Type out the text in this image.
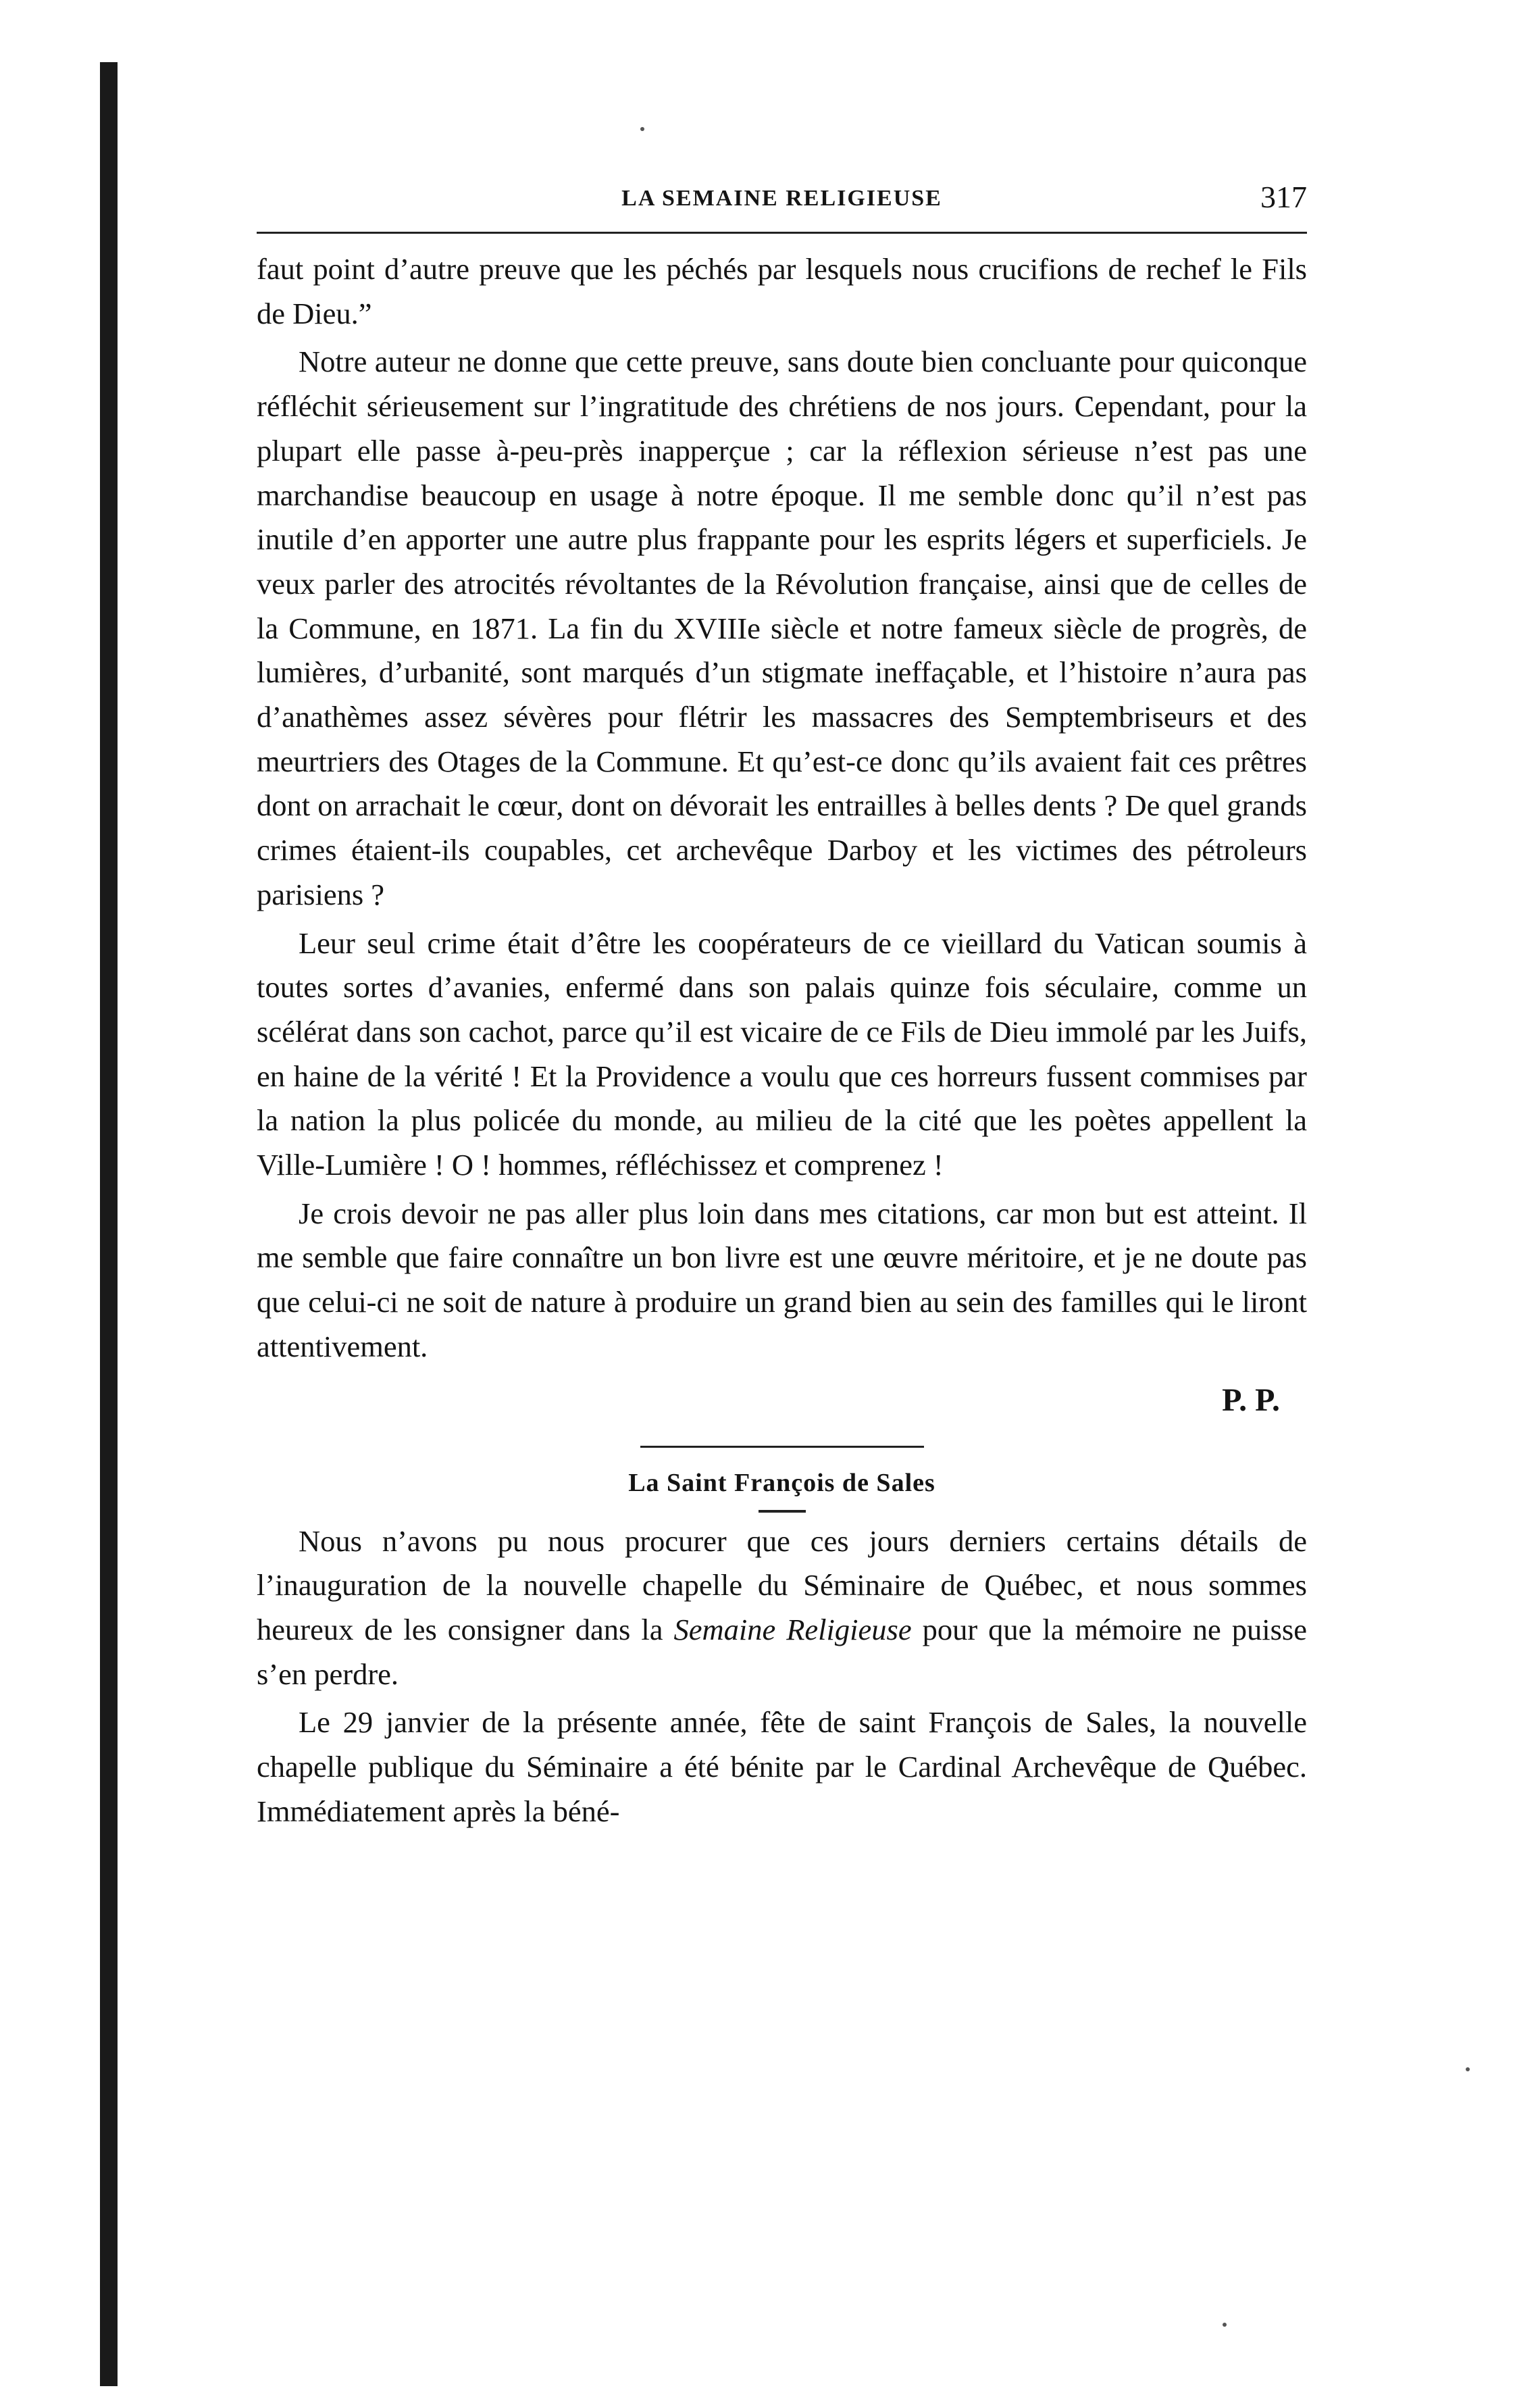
LA SEMAINE RELIGIEUSE	317

faut point d’autre preuve que les péchés par lesquels nous crucifions de rechef le Fils de Dieu.”

Notre auteur ne donne que cette preuve, sans doute bien concluante pour quiconque réfléchit sérieusement sur l’ingratitude des chrétiens de nos jours. Cependant, pour la plupart elle passe à-peu-près inapperçue ; car la réflexion sérieuse n’est pas une marchandise beaucoup en usage à notre époque. Il me semble donc qu’il n’est pas inutile d’en apporter une autre plus frappante pour les esprits légers et superficiels. Je veux parler des atrocités révoltantes de la Révolution française, ainsi que de celles de la Commune, en 1871. La fin du XVIIIe siècle et notre fameux siècle de progrès, de lumières, d’urbanité, sont marqués d’un stigmate ineffaçable, et l’histoire n’aura pas d’anathèmes assez sévères pour flétrir les massacres des Semptembriseurs et des meurtriers des Otages de la Commune. Et qu’est-ce donc qu’ils avaient fait ces prêtres dont on arrachait le cœur, dont on dévorait les entrailles à belles dents ? De quel grands crimes étaient-ils coupables, cet archevêque Darboy et les victimes des pétroleurs parisiens ?

Leur seul crime était d’être les coopérateurs de ce vieillard du Vatican soumis à toutes sortes d’avanies, enfermé dans son palais quinze fois séculaire, comme un scélérat dans son cachot, parce qu’il est vicaire de ce Fils de Dieu immolé par les Juifs, en haine de la vérité ! Et la Providence a voulu que ces horreurs fussent commises par la nation la plus policée du monde, au milieu de la cité que les poètes appellent la Ville-Lumière ! O ! hommes, réfléchissez et comprenez !

Je crois devoir ne pas aller plus loin dans mes citations, car mon but est atteint. Il me semble que faire connaître un bon livre est une œuvre méritoire, et je ne doute pas que celui-ci ne soit de nature à produire un grand bien au sein des familles qui le liront attentivement.

P. P.
La Saint François de Sales

Nous n’avons pu nous procurer que ces jours derniers certains détails de l’inauguration de la nouvelle chapelle du Séminaire de Québec, et nous sommes heureux de les consigner dans la Semaine Religieuse pour que la mémoire ne puisse s’en perdre.

Le 29 janvier de la présente année, fête de saint François de Sales, la nouvelle chapelle publique du Séminaire a été bénite par le Cardinal Archevêque de Québec. Immédiatement après la béné-
